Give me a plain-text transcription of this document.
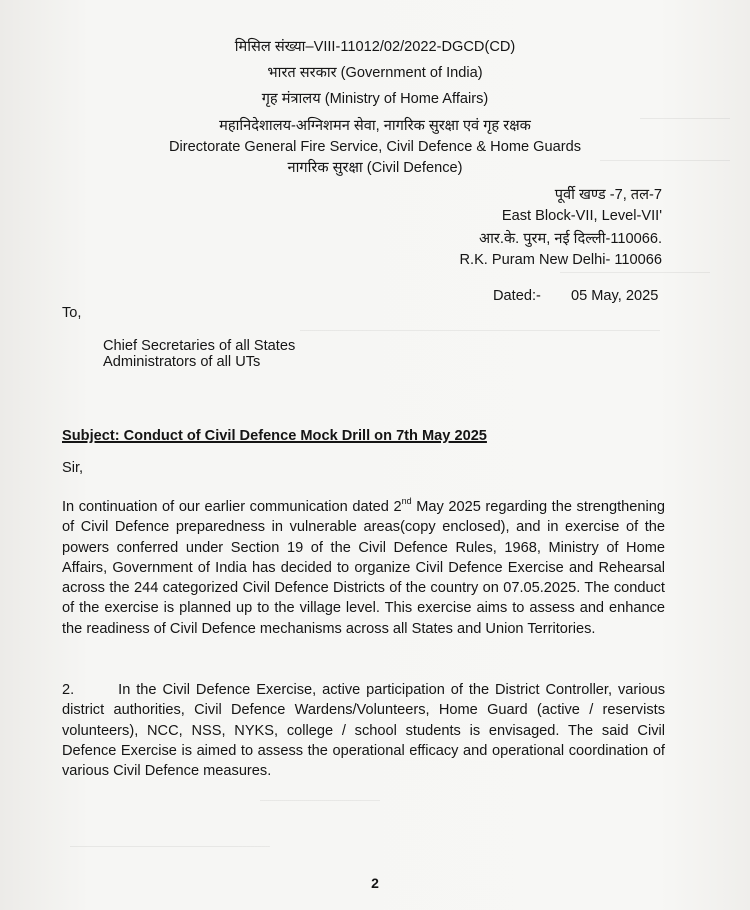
मिसिल संख्या–VIII-11012/02/2022-DGCD(CD)
भारत सरकार (Government of India)
गृह मंत्रालय (Ministry of Home Affairs)
महानिदेशालय-अग्निशमन सेवा, नागरिक सुरक्षा एवं गृह रक्षक
Directorate General Fire Service, Civil Defence & Home Guards
नागरिक सुरक्षा (Civil Defence)
पूर्वी खण्ड -7, तल-7
East Block-VII, Level-VII'
आर.के. पुरम, नई दिल्ली-110066.
R.K. Puram New Delhi- 110066
Dated:- 05 May, 2025
To,
Chief Secretaries of all States
Administrators of all UTs
Subject: Conduct of Civil Defence Mock Drill on 7th May 2025
Sir,

In continuation of our earlier communication dated 2nd May 2025 regarding the strengthening of Civil Defence preparedness in vulnerable areas(copy enclosed), and in exercise of the powers conferred under Section 19 of the Civil Defence Rules, 1968, Ministry of Home Affairs, Government of India has decided to organize Civil Defence Exercise and Rehearsal across the 244 categorized Civil Defence Districts of the country on 07.05.2025. The conduct of the exercise is planned up to the village level. This exercise aims to assess and enhance the readiness of Civil Defence mechanisms across all States and Union Territories.

2.	In the Civil Defence Exercise, active participation of the District Controller, various district authorities, Civil Defence Wardens/Volunteers, Home Guard (active / reservists volunteers), NCC, NSS, NYKS, college / school students is envisaged. The said Civil Defence Exercise is aimed to assess the operational efficacy and operational coordination of various Civil Defence measures.

2
